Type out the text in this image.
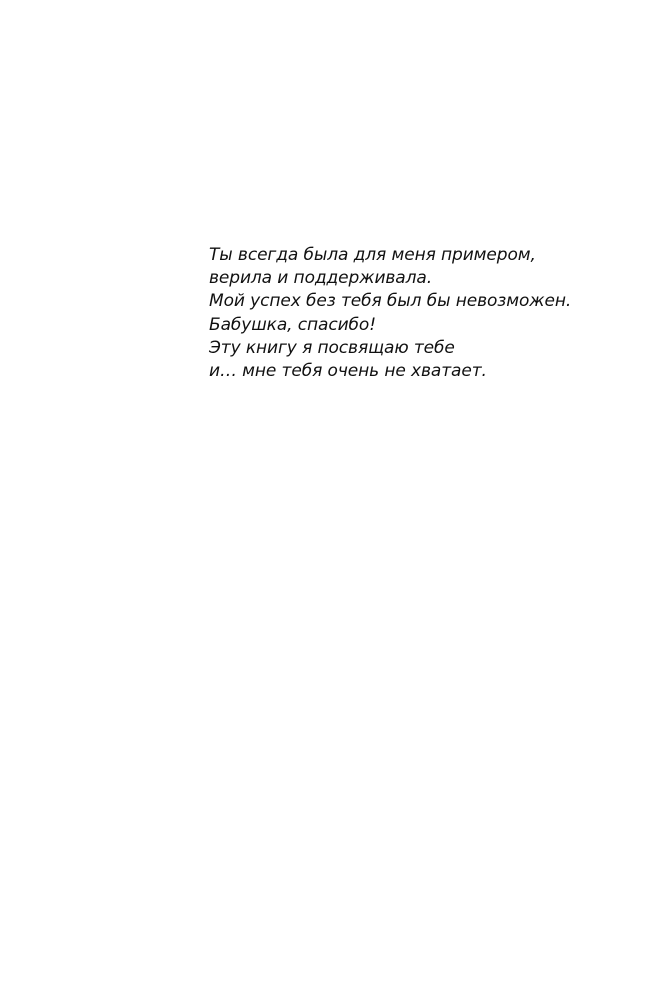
Ты всегда была для меня примером,
верила и поддерживала.
Мой успех без тебя был бы невозможен.
Бабушка, спасибо!
Эту книгу я посвящаю тебе
и… мне тебя очень не хватает.
